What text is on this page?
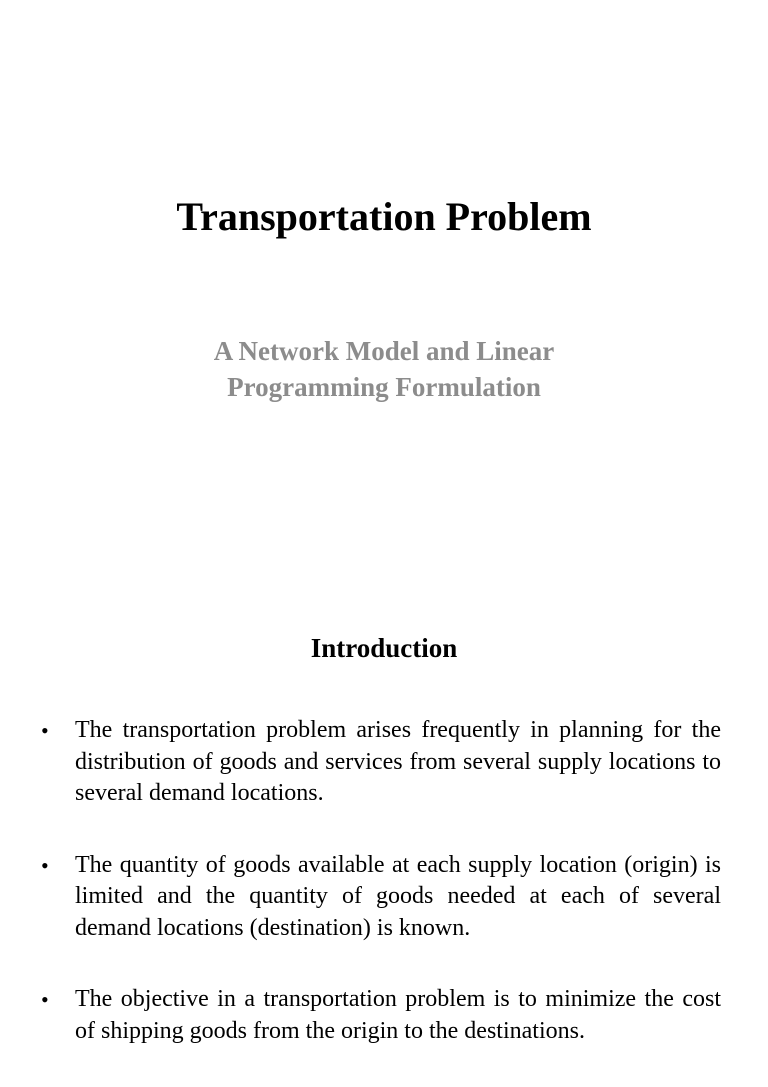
Transportation Problem
A Network Model and Linear
Programming Formulation
Introduction
• The transportation problem arises frequently in planning for the distribution of goods and services from several supply locations to several demand locations.
• The quantity of goods available at each supply location (origin) is limited and the quantity of goods needed at each of several demand locations (destination) is known.
• The objective in a transportation problem is to minimize the cost of shipping goods from the origin to the destinations.
